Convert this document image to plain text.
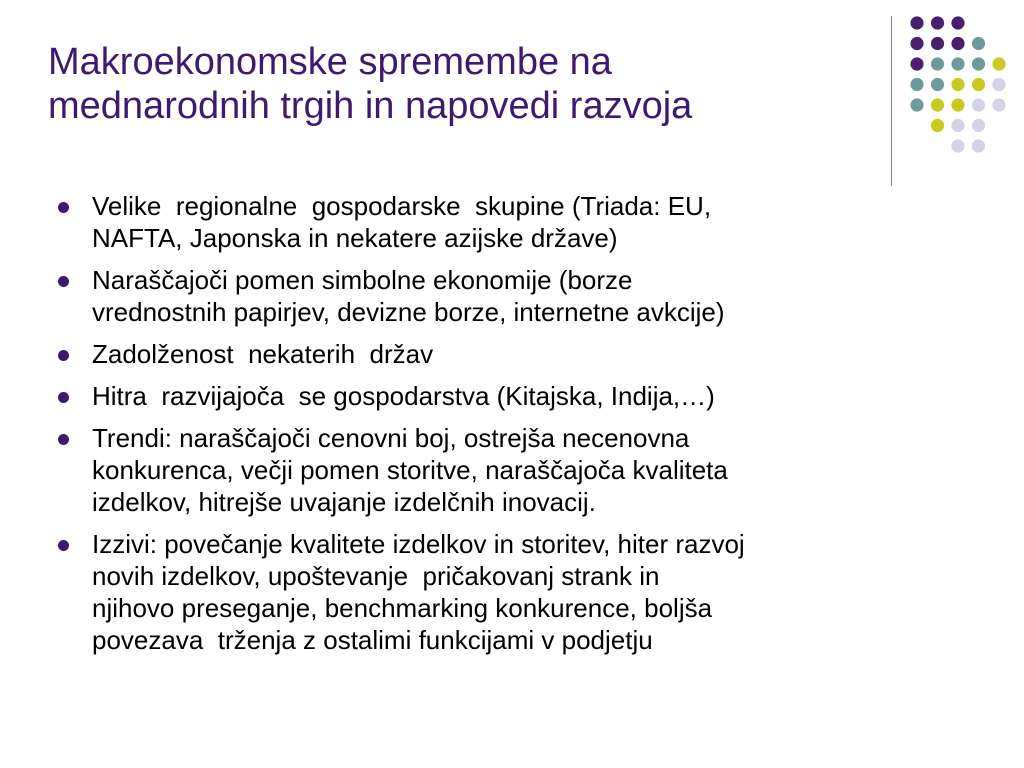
Makroekonomske spremembe na
mednarodnih trgih in napovedi razvoja
Velike  regionalne  gospodarske  skupine (Triada: EU,
NAFTA, Japonska in nekatere azijske države)
Naraščajoči pomen simbolne ekonomije (borze
vrednostnih papirjev, devizne borze, internetne avkcije)
Zadolženost  nekaterih  držav
Hitra  razvijajoča  se gospodarstva (Kitajska, Indija,…)
Trendi: naraščajoči cenovni boj, ostrejša necenovna
konkurenca, večji pomen storitve, naraščajoča kvaliteta
izdelkov, hitrejše uvajanje izdelčnih inovacij.
Izzivi: povečanje kvalitete izdelkov in storitev, hiter razvoj
novih izdelkov, upoštevanje  pričakovanj strank in
njihovo preseganje, benchmarking konkurence, boljša
povezava  trženja z ostalimi funkcijami v podjetju
